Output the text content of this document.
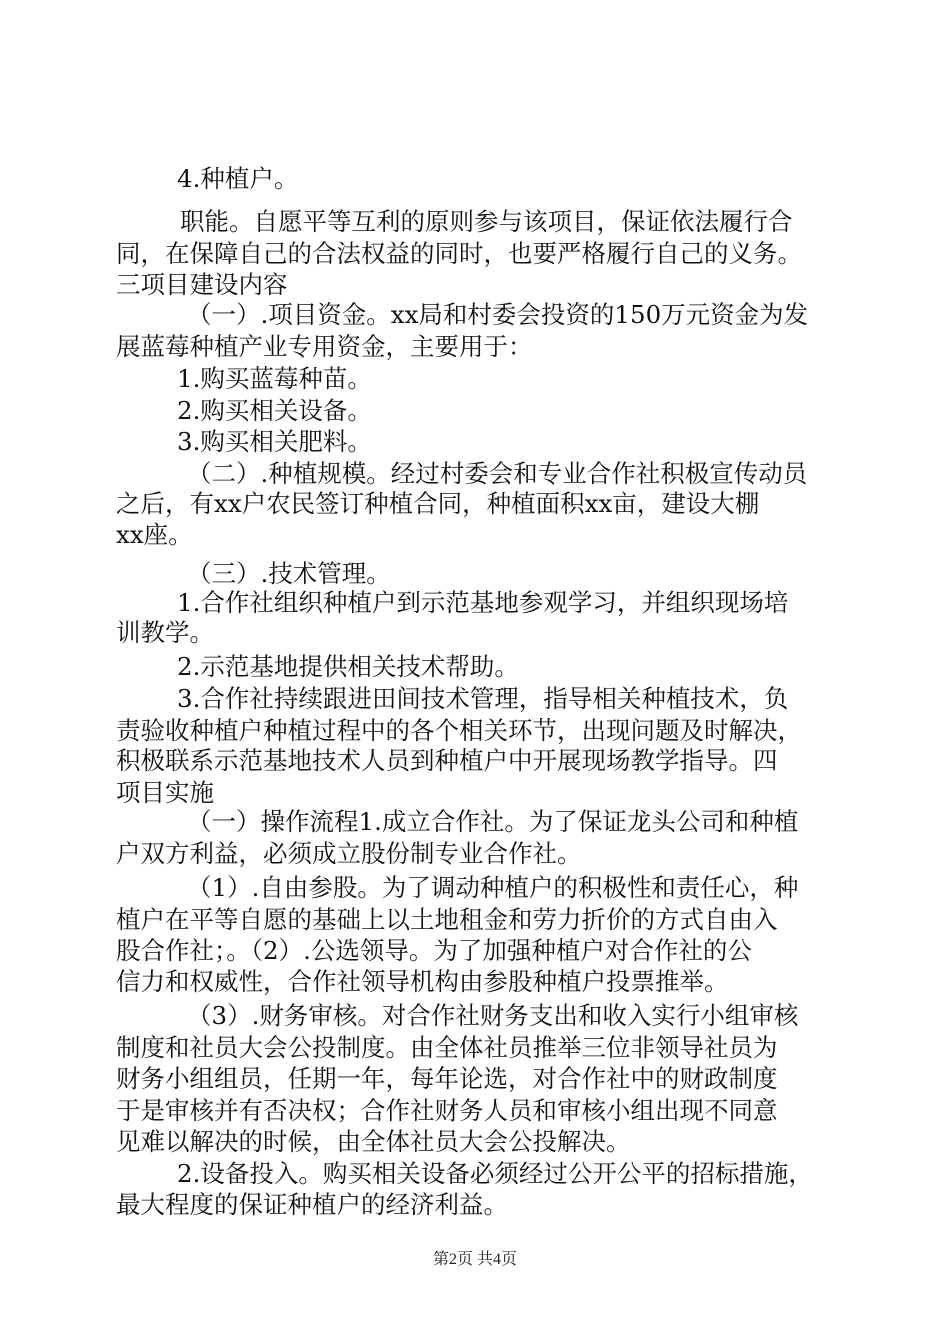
4.种植户。
职能。自愿平等互利的原则参与该项目，保证依法履行合
同，在保障自己的合法权益的同时，也要严格履行自己的义务。
三项目建设内容
（一）.项目资金。xx局和村委会投资的150万元资金为发
展蓝莓种植产业专用资金，主要用于：
1.购买蓝莓种苗。
2.购买相关设备。
3.购买相关肥料。
（二）.种植规模。经过村委会和专业合作社积极宣传动员
之后，有xx户农民签订种植合同，种植面积xx亩，建设大棚
xx座。
（三）.技术管理。
1.合作社组织种植户到示范基地参观学习，并组织现场培
训教学。
2.示范基地提供相关技术帮助。
3.合作社持续跟进田间技术管理，指导相关种植技术，负
责验收种植户种植过程中的各个相关环节，出现问题及时解决，
积极联系示范基地技术人员到种植户中开展现场教学指导。四
项目实施
（一）操作流程1.成立合作社。为了保证龙头公司和种植
户双方利益，必须成立股份制专业合作社。
（1）.自由参股。为了调动种植户的积极性和责任心，种
植户在平等自愿的基础上以土地租金和劳力折价的方式自由入
股合作社；。（2）.公选领导。为了加强种植户对合作社的公
信力和权威性，合作社领导机构由参股种植户投票推举。
（3）.财务审核。对合作社财务支出和收入实行小组审核
制度和社员大会公投制度。由全体社员推举三位非领导社员为
财务小组组员，任期一年，每年论选，对合作社中的财政制度
于是审核并有否决权；合作社财务人员和审核小组出现不同意
见难以解决的时候，由全体社员大会公投解决。
2.设备投入。购买相关设备必须经过公开公平的招标措施，
最大程度的保证种植户的经济利益。
第2页 共4页
